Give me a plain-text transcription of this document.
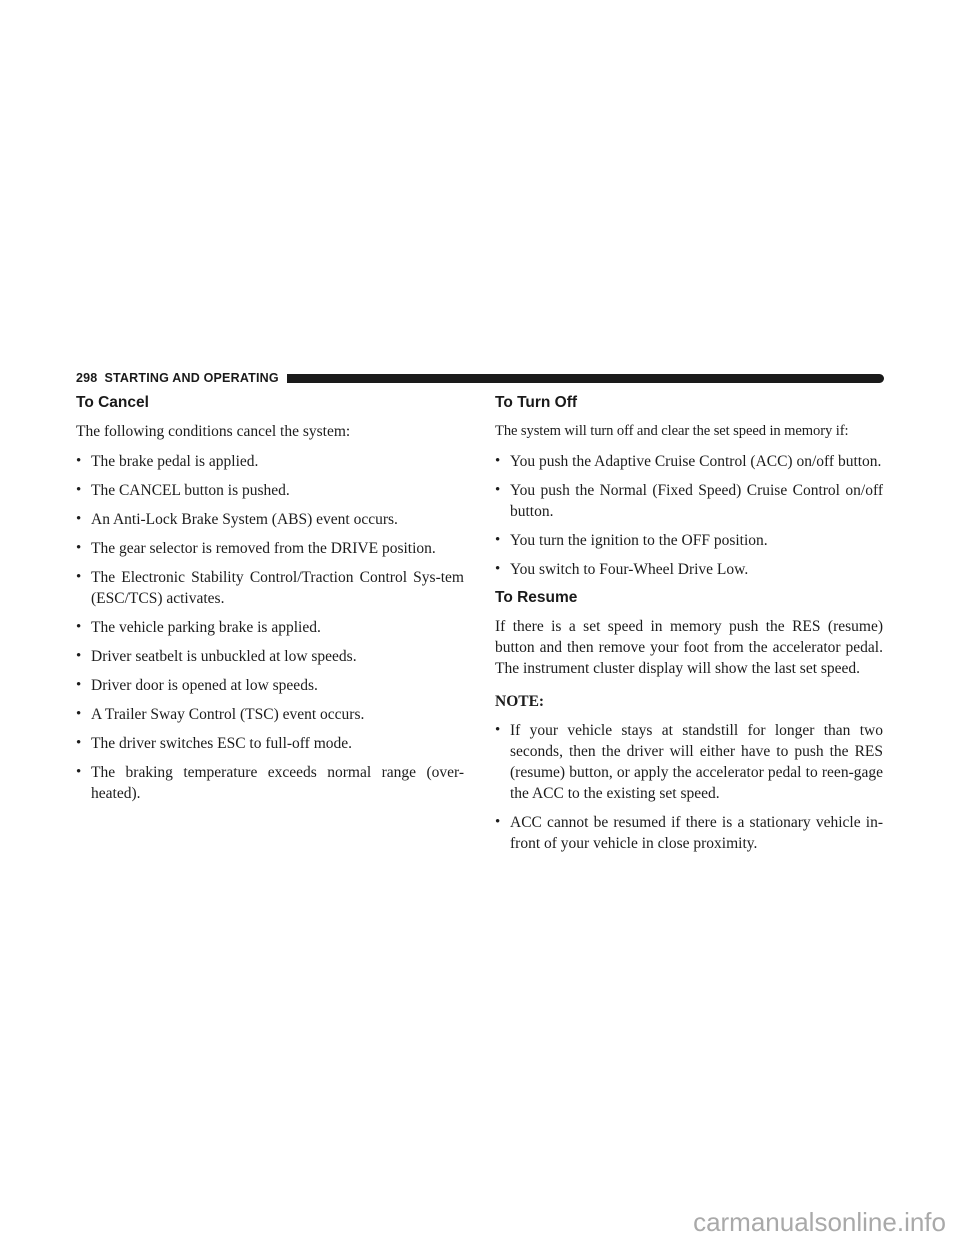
298 STARTING AND OPERATING
To Cancel

The following conditions cancel the system:

• The brake pedal is applied.
• The CANCEL button is pushed.
• An Anti-Lock Brake System (ABS) event occurs.
• The gear selector is removed from the DRIVE position.
• The Electronic Stability Control/Traction Control Sys-tem (ESC/TCS) activates.
• The vehicle parking brake is applied.
• Driver seatbelt is unbuckled at low speeds.
• Driver door is opened at low speeds.
• A Trailer Sway Control (TSC) event occurs.
• The driver switches ESC to full-off mode.
• The braking temperature exceeds normal range (over-heated).
To Turn Off

The system will turn off and clear the set speed in memory if:

• You push the Adaptive Cruise Control (ACC) on/off button.
• You push the Normal (Fixed Speed) Cruise Control on/off button.
• You turn the ignition to the OFF position.
• You switch to Four-Wheel Drive Low.
To Resume

If there is a set speed in memory push the RES (resume) button and then remove your foot from the accelerator pedal. The instrument cluster display will show the last set speed.

NOTE:
• If your vehicle stays at standstill for longer than two seconds, then the driver will either have to push the RES (resume) button, or apply the accelerator pedal to reen-gage the ACC to the existing set speed.
• ACC cannot be resumed if there is a stationary vehicle in-front of your vehicle in close proximity.
carmanualsonline.info
